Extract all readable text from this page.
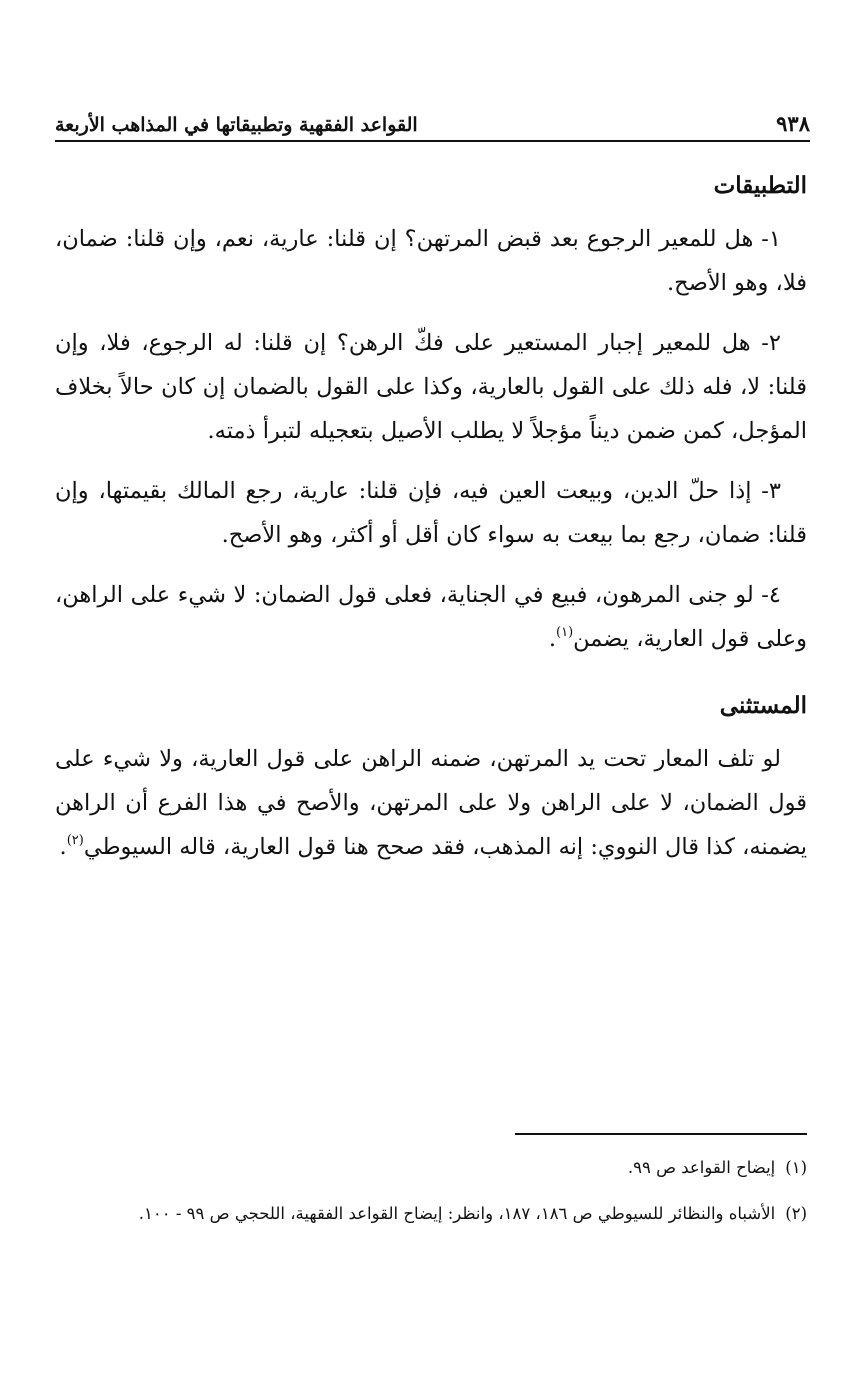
٩٣٨
القواعد الفقهية وتطبيقاتها في المذاهب الأربعة
التطبيقات

١- هل للمعير الرجوع بعد قبض المرتهن؟ إن قلنا: عارية، نعم، وإن قلنا: ضمان، فلا، وهو الأصح.

٢- هل للمعير إجبار المستعير على فكّ الرهن؟ إن قلنا: له الرجوع، فلا، وإن قلنا: لا، فله ذلك على القول بالعارية، وكذا على القول بالضمان إن كان حالاً بخلاف المؤجل، كمن ضمن ديناً مؤجلاً لا يطلب الأصيل بتعجيله لتبرأ ذمته.

٣- إذا حلّ الدين، وبيعت العين فيه، فإن قلنا: عارية، رجع المالك بقيمتها، وإن قلنا: ضمان، رجع بما بيعت به سواء كان أقل أو أكثر، وهو الأصح.

٤- لو جنى المرهون، فبيع في الجناية، فعلى قول الضمان: لا شيء على الراهن، وعلى قول العارية، يضمن$^{(١)}$.

المستثنى

لو تلف المعار تحت يد المرتهن، ضمنه الراهن على قول العارية، ولا شيء على قول الضمان، لا على الراهن ولا على المرتهن، والأصح في هذا الفرع أن الراهن يضمنه، كذا قال النووي: إنه المذهب، فقد صحح هنا قول العارية، قاله السيوطي$^{(٢)}$.

(١)إيضاح القواعد ص ٩٩.

(٢)الأشباه والنظائر للسيوطي ص ١٨٦، ١٨٧، وانظر: إيضاح القواعد الفقهية، اللحجي ص ٩٩ - ١٠٠.
